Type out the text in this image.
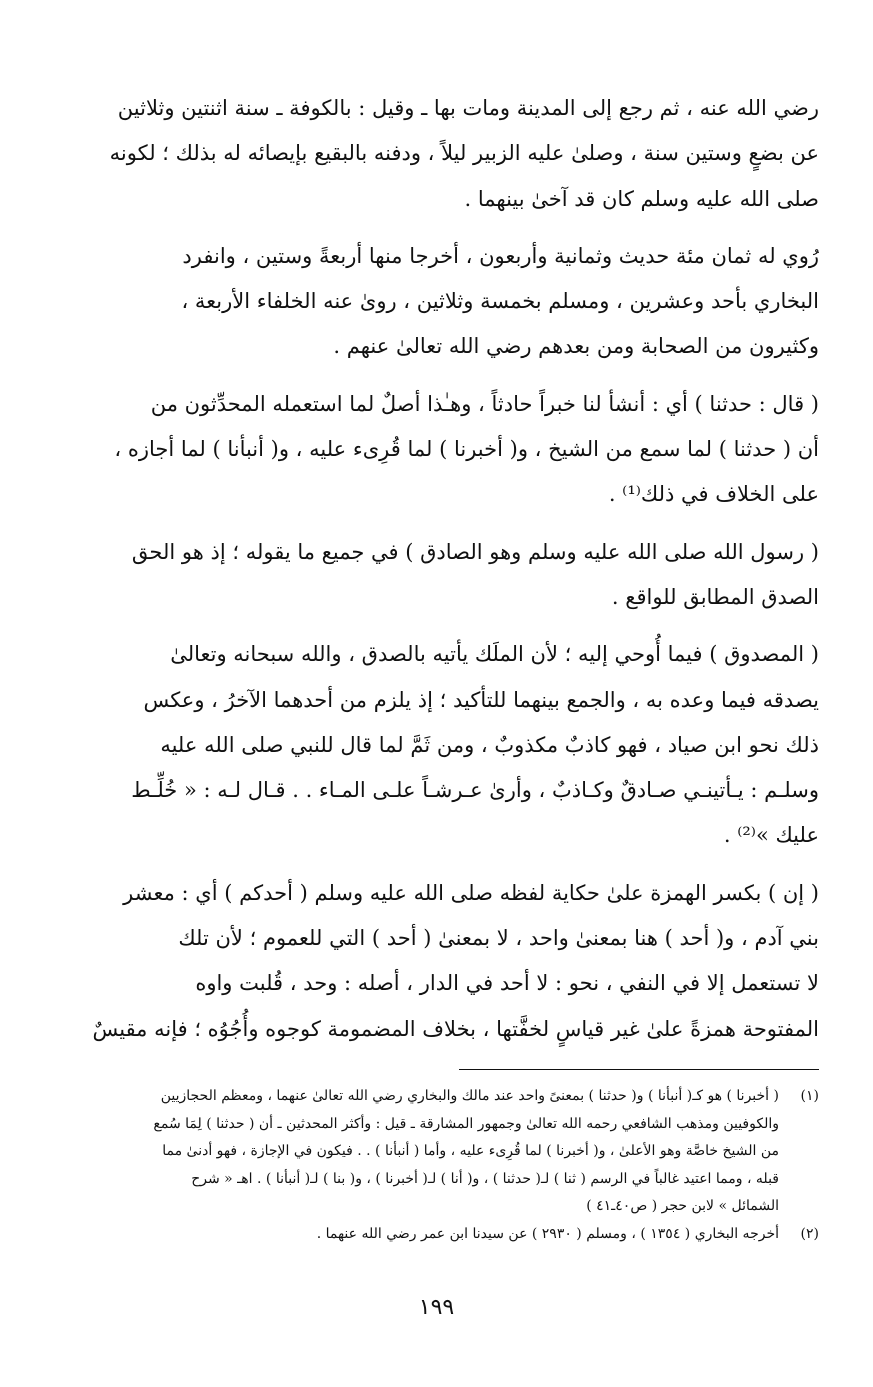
رضي الله عنه ، ثم رجع إلى المدينة ومات بها ـ وقيل : بالكوفة ـ سنة اثنتين وثلاثين
عن بضعٍ وستين سنة ، وصلىٰ عليه الزبير ليلاً ، ودفنه بالبقيع بإيصائه له بذلك ؛ لكونه
صلى الله عليه وسلم كان قد آخىٰ بينهما .

رُوي له ثمان مئة حديث وثمانية وأربعون ، أخرجا منها أربعةً وستين ، وانفرد
البخاري بأحد وعشرين ، ومسلم بخمسة وثلاثين ، روىٰ عنه الخلفاء الأربعة ،
وكثيرون من الصحابة ومن بعدهم رضي الله تعالىٰ عنهم .

( قال : حدثنا ) أي : أنشأ لنا خبراً حادثاً ، وهـٰذا أصلٌ لما استعمله المحدِّثون من
أن ( حدثنا ) لما سمع من الشيخ ، و( أخبرنا ) لما قُرِىء عليه ، و( أنبأنا ) لما أجازه ،
على الخلاف في ذلك⁽¹⁾ .

( رسول الله صلى الله عليه وسلم وهو الصادق ) في جميع ما يقوله ؛ إذ هو الحق
الصدق المطابق للواقع .

( المصدوق ) فيما أُوحي إليه ؛ لأن الملَك يأتيه بالصدق ، والله سبحانه وتعالىٰ
يصدقه فيما وعده به ، والجمع بينهما للتأكيد ؛ إذ يلزم من أحدهما الآخرُ ، وعكس
ذلك نحو ابن صياد ، فهو كاذبٌ مكذوبٌ ، ومن ثَمَّ لما قال للنبي صلى الله عليه
وسلـم : يـأتينـي صـادقٌ وكـاذبٌ ، وأرىٰ عـرشـاً علـى المـاء . . قـال لـه : « خُلِّـط
عليك »⁽²⁾ .

( إن ) بكسر الهمزة علىٰ حكاية لفظه صلى الله عليه وسلم ( أحدكم ) أي : معشر
بني آدم ، و( أحد ) هنا بمعنىٰ واحد ، لا بمعنىٰ ( أحد ) التي للعموم ؛ لأن تلك
لا تستعمل إلا في النفي ، نحو : لا أحد في الدار ، أصله : وحد ، قُلبت واوه
المفتوحة همزةً علىٰ غير قياسٍ لخفَّتها ، بخلاف المضمومة كوجوه وأُجُوُه ؛ فإنه مقيسٌ

(١)
( أخبرنا ) هو كـ( أنبأنا ) و( حدثنا ) بمعنىً واحد عند مالك والبخاري رضي الله تعالىٰ عنهما ، ومعظم الحجازيين
والكوفيين ومذهب الشافعي رحمه الله تعالىٰ وجمهور المشارقة ـ قيل : وأكثر المحدثين ـ أن ( حدثنا ) لِمَا سُمع
من الشيخ خاصَّة وهو الأعلىٰ ، و( أخبرنا ) لما قُرِىء عليه ، وأما ( أنبأنا ) . . فيكون في الإجازة ، فهو أدنىٰ مما
قبله ، ومما اعتيد غالباً في الرسم ( ثنا ) لـ( حدثنا ) ، و( أنا ) لـ( أخبرنا ) ، و( بنا ) لـ( أنبأنا ) . اهـ « شرح
الشمائل » لابن حجر ( ص٤٠ـ٤١ )
(٢)
أخرجه البخاري ( ١٣٥٤ ) ، ومسلم ( ٢٩٣٠ ) عن سيدنا ابن عمر رضي الله عنهما .
١٩٩
